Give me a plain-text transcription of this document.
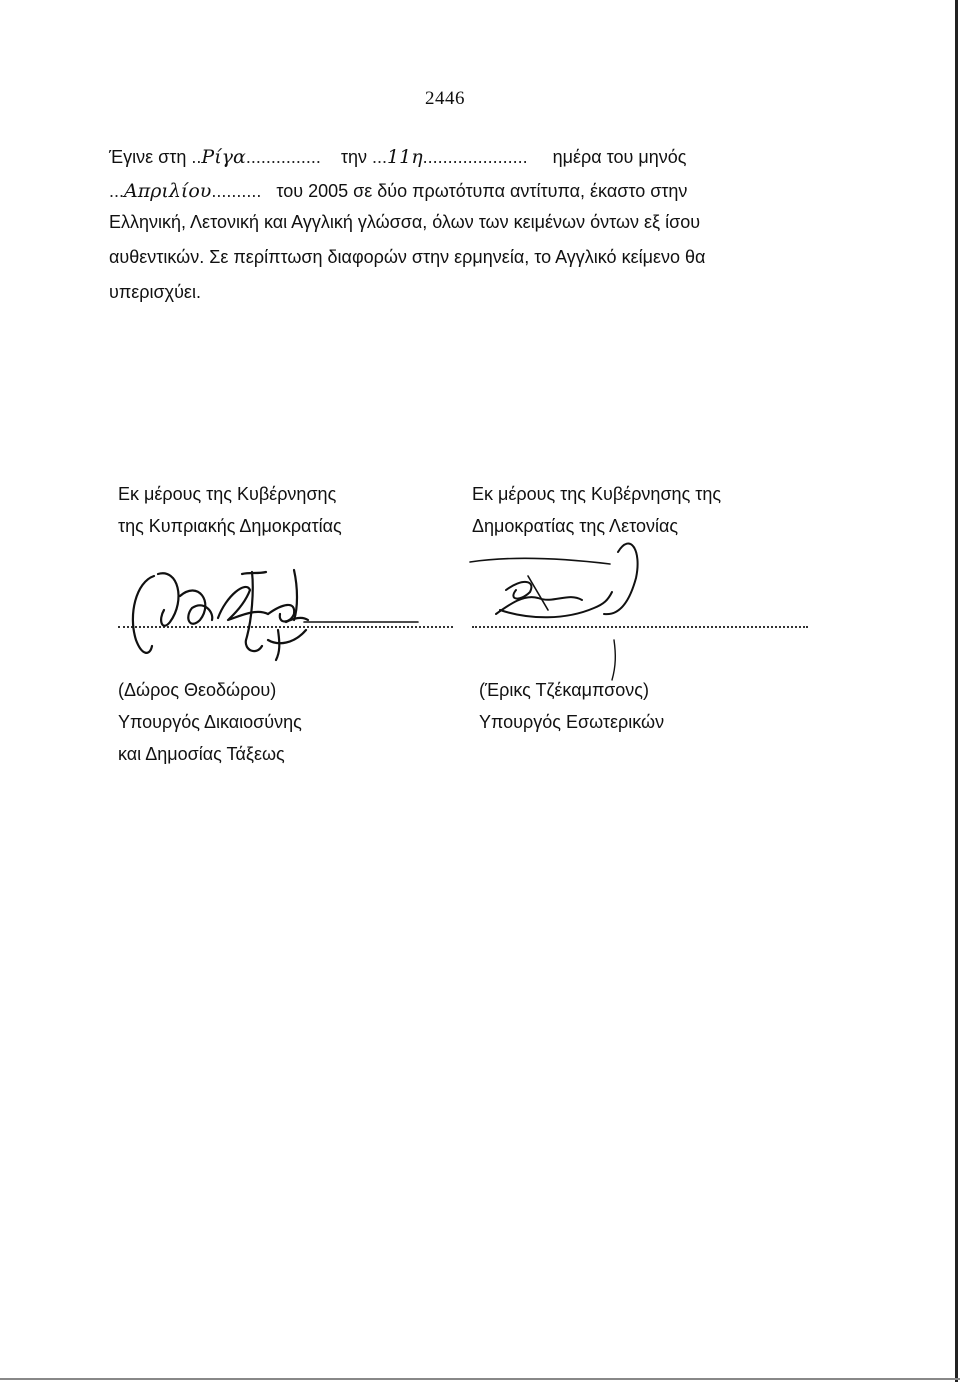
2446
Έγινε στη ..Ρίγα............... την ...11η..................... ημέρα του μηνός
...Απριλίου.......... του 2005 σε δύο πρωτότυπα αντίτυπα, έκαστο στην
Ελληνική, Λετονική και Αγγλική γλώσσα, όλων των κειμένων όντων εξ ίσου
αυθεντικών. Σε περίπτωση διαφορών στην ερμηνεία, το Αγγλικό κείμενο θα
υπερισχύει.
Εκ μέρους της Κυβέρνησης
της Κυπριακής Δημοκρατίας
Εκ μέρους της Κυβέρνησης της
Δημοκρατίας της Λετονίας
(Δώρος Θεοδώρου)
Υπουργός Δικαιοσύνης
και Δημοσίας Τάξεως
(Έρικς Τζέκαμπσονς)
Υπουργός Εσωτερικών
